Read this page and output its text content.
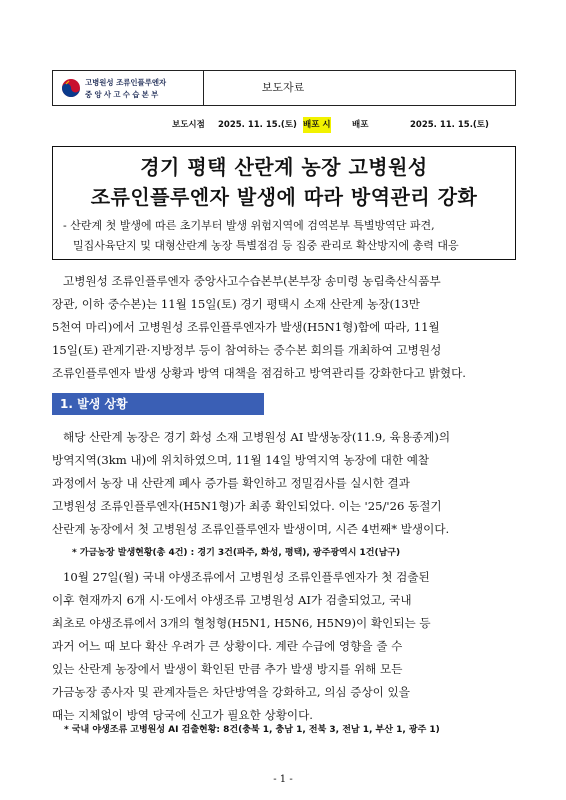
고병원성 조류인플루엔자
중앙사고수습본부
보도자료
보도시점 2025. 11. 15.(토) 배포 시	배포	2025. 11. 15.(토)
경기 평택 산란계 농장 고병원성
조류인플루엔자 발생에 따라 방역관리 강화
- 산란계 첫 발생에 따른 초기부터 발생 위험지역에 검역본부 특별방역단 파견,
밀집사육단지 및 대형산란계 농장 특별점검 등 집중 관리로 확산방지에 총력 대응

고병원성 조류인플루엔자 중앙사고수습본부(본부장 송미령 농림축산식품부
장관, 이하 중수본)는 11월 15일(토) 경기 평택시 소재 산란계 농장(13만
5천여 마리)에서 고병원성 조류인플루엔자가 발생(H5N1형)함에 따라, 11월
15일(토) 관계기관·지방정부 등이 참여하는 중수본 회의를 개최하여 고병원성
조류인플루엔자 발생 상황과 방역 대책을 점검하고 방역관리를 강화한다고 밝혔다.

1. 발생 상황

해당 산란계 농장은 경기 화성 소재 고병원성 AI 발생농장(11.9, 육용종계)의
방역지역(3km 내)에 위치하였으며, 11월 14일 방역지역 농장에 대한 예찰
과정에서 농장 내 산란계 폐사 증가를 확인하고 정밀검사를 실시한 결과
고병원성 조류인플루엔자(H5N1형)가 최종 확인되었다. 이는 '25/'26 동절기
산란계 농장에서 첫 고병원성 조류인플루엔자 발생이며, 시즌 4번째* 발생이다.

* 가금농장 발생현황(총 4건) : 경기 3건(파주, 화성, 평택), 광주광역시 1건(남구)

10월 27일(월) 국내 야생조류에서 고병원성 조류인플루엔자가 첫 검출된
이후 현재까지 6개 시·도에서 야생조류 고병원성 AI가 검출되었고, 국내
최초로 야생조류에서 3개의 혈청형(H5N1, H5N6, H5N9)이 확인되는 등
과거 어느 때 보다 확산 우려가 큰 상황이다. 계란 수급에 영향을 줄 수
있는 산란계 농장에서 발생이 확인된 만큼 추가 발생 방지를 위해 모든
가금농장 종사자 및 관계자들은 차단방역을 강화하고, 의심 증상이 있을
때는 지체없이 방역 당국에 신고가 필요한 상황이다.

* 국내 야생조류 고병원성 AI 검출현황: 8건(충북 1, 충남 1, 전북 3, 전남 1, 부산 1, 광주 1)
- 1 -
